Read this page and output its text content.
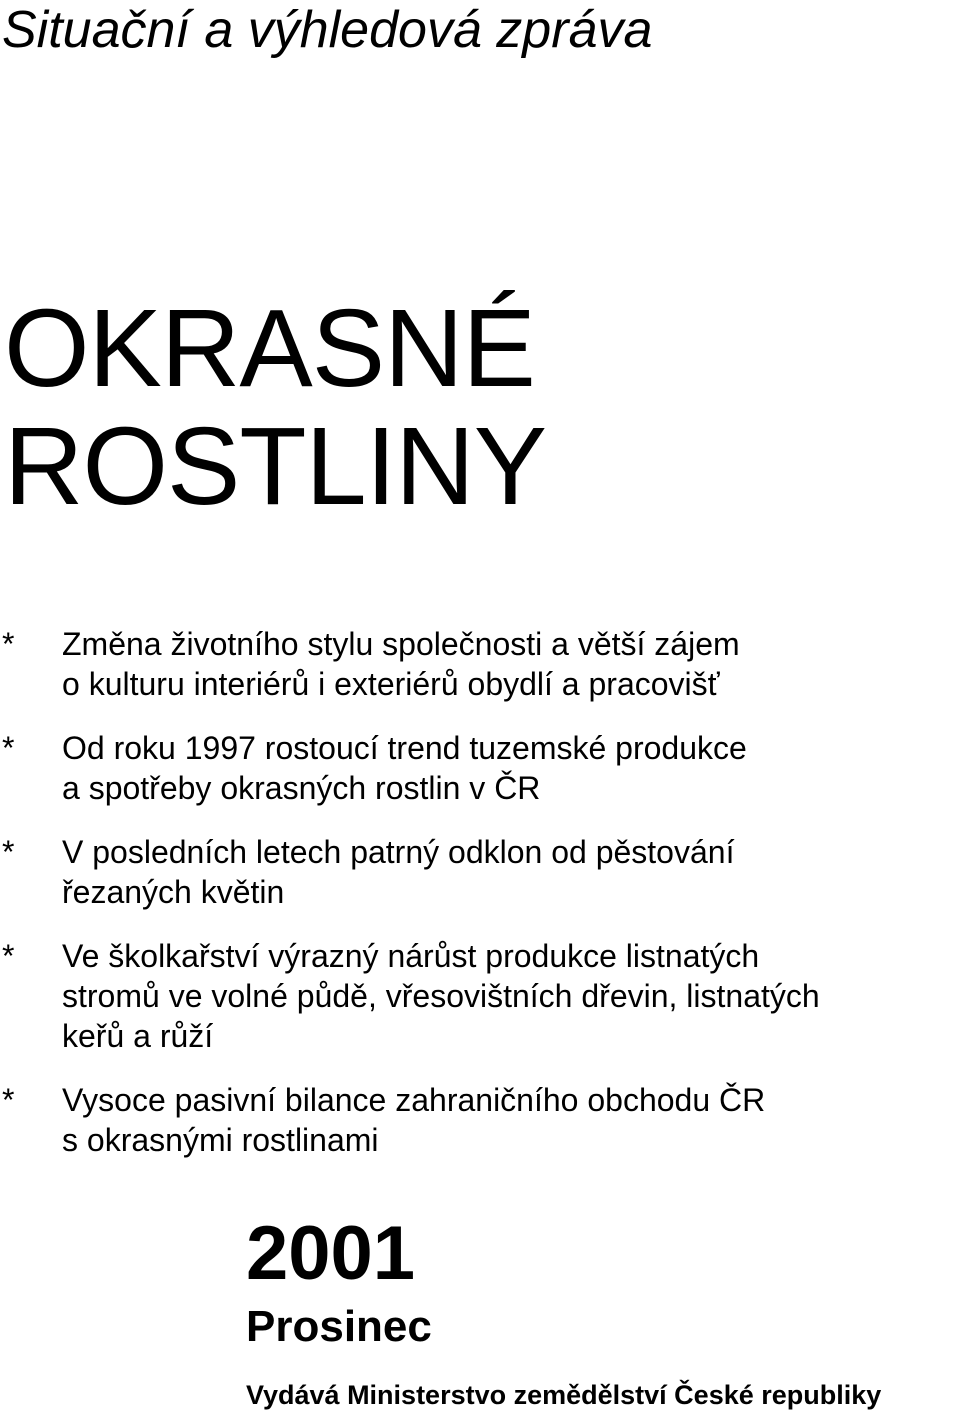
Situační a výhledová zpráva
OKRASNÉ
ROSTLINY
*	Změna životního stylu společnosti a větší zájem
o kulturu interiérů i exteriérů obydlí a pracovišť
*	Od roku 1997 rostoucí trend tuzemské produkce
a spotřeby okrasných rostlin v ČR
*	V posledních letech patrný odklon od pěstování
řezaných květin
*	Ve školkařství výrazný nárůst produkce listnatých
stromů ve volné půdě, vřesovištních dřevin, listnatých
keřů a růží
*	Vysoce pasivní bilance zahraničního obchodu ČR
s okrasnými rostlinami
2001
Prosinec
Vydává Ministerstvo zemědělství České republiky
